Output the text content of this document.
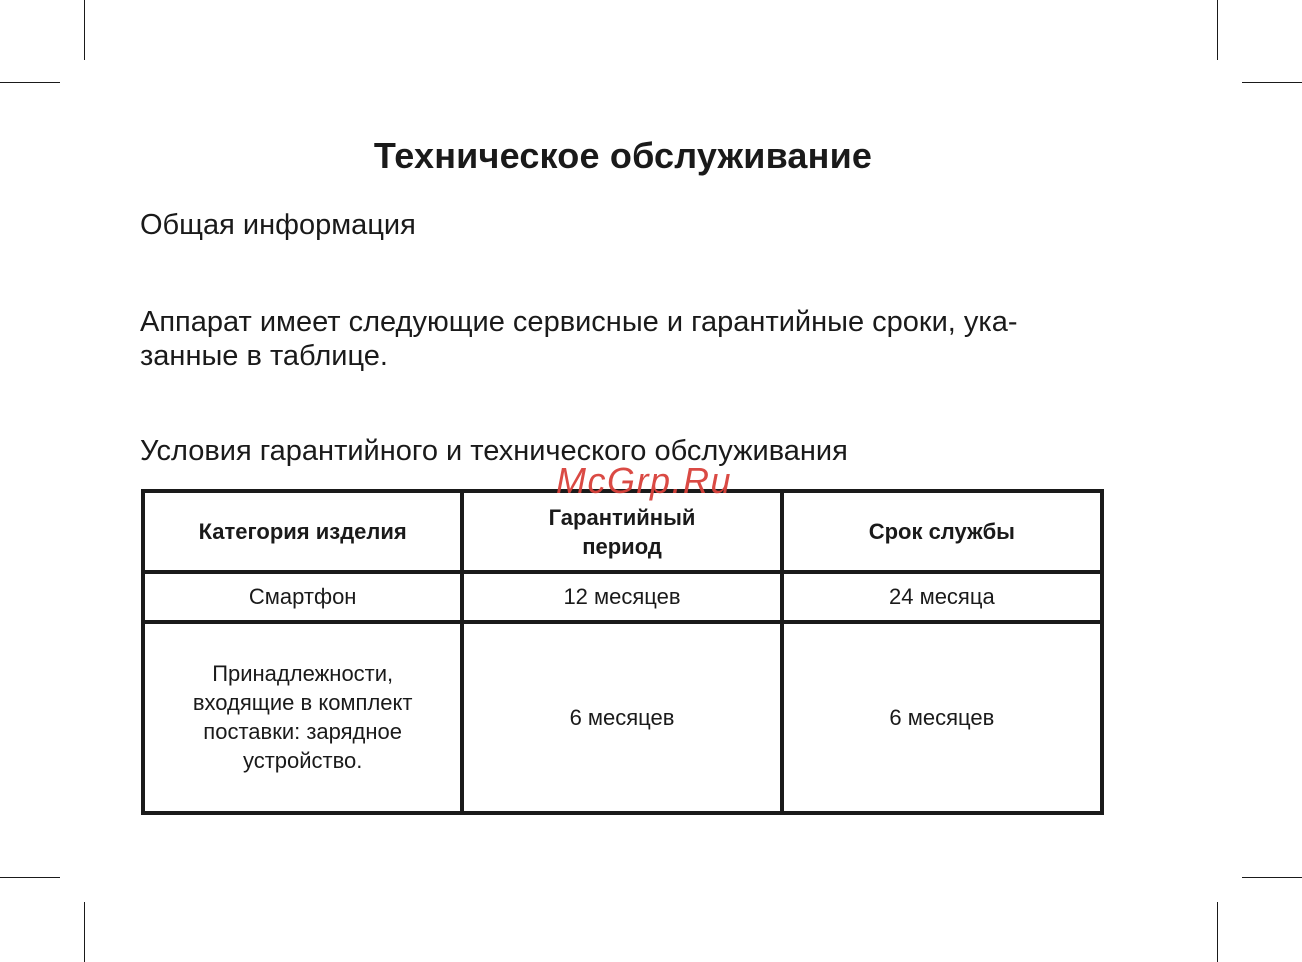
Техническое обслуживание
Общая информация
Аппарат имеет следующие сервисные и гарантийные сроки, ука-
занные в таблице.
Условия гарантийного и технического обслуживания
McGrp.Ru
Категория изделия	Гарантийный период	Срок службы
Смартфон	12 месяцев	24 месяца
Принадлежности, входящие в комплект поставки: зарядное устройство.	6 месяцев	6 месяцев
